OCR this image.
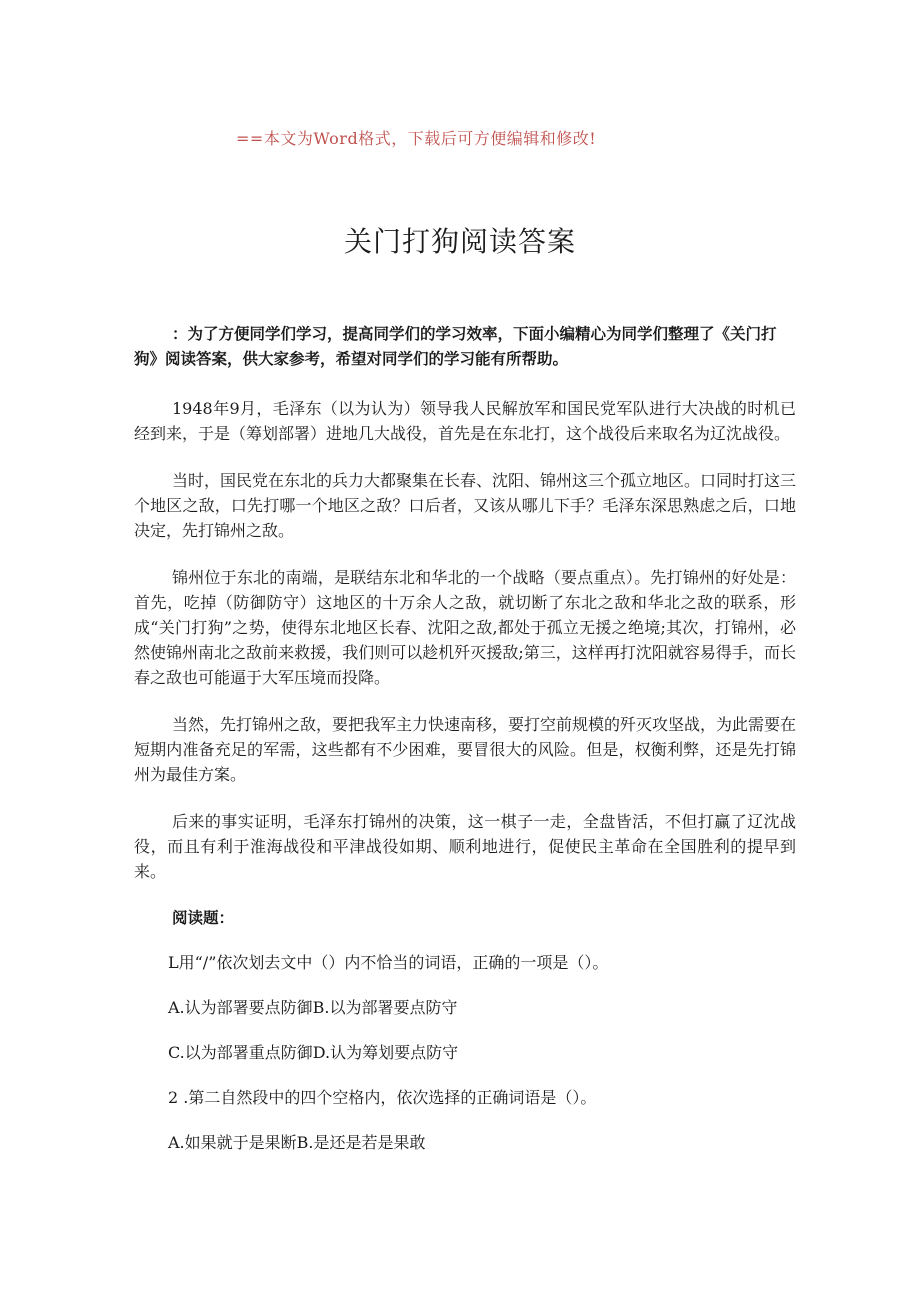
==本文为Word格式，下载后可方便编辑和修改!
关门打狗阅读答案

：为了方便同学们学习，提高同学们的学习效率，下面小编精心为同学们整理了《关门打狗》阅读答案，供大家参考，希望对同学们的学习能有所帮助。

1948年9月，毛泽东（以为认为）领导我人民解放军和国民党军队进行大决战的时机已经到来，于是（筹划部署）进地几大战役，首先是在东北打，这个战役后来取名为辽沈战役。

当时，国民党在东北的兵力大都聚集在长春、沈阳、锦州这三个孤立地区。口同时打这三个地区之敌，口先打哪一个地区之敌？口后者，又该从哪儿下手？毛泽东深思熟虑之后，口地决定，先打锦州之敌。

锦州位于东北的南端，是联结东北和华北的一个战略（要点重点）。先打锦州的好处是：首先，吃掉（防御防守）这地区的十万余人之敌，就切断了东北之敌和华北之敌的联系，形成“关门打狗”之势，使得东北地区长春、沈阳之敌,都处于孤立无援之绝境;其次，打锦州，必然使锦州南北之敌前来救援，我们则可以趁机歼灭援敌;第三，这样再打沈阳就容易得手，而长春之敌也可能逼于大军压境而投降。

当然，先打锦州之敌，要把我军主力快速南移，要打空前规模的歼灭攻坚战，为此需要在短期内准备充足的军需，这些都有不少困难，要冒很大的风险。但是，权衡利弊，还是先打锦州为最佳方案。

后来的事实证明，毛泽东打锦州的决策，这一棋子一走，全盘皆活，不但打赢了辽沈战役，而且有利于淮海战役和平津战役如期、顺利地进行，促使民主革命在全国胜利的提早到来。

阅读题：
L用“/”依次划去文中（）内不恰当的词语，正确的一项是（）。
A.认为部署要点防御B.以为部署要点防守
C.以为部署重点防御D.认为筹划要点防守
2 .第二自然段中的四个空格内，依次选择的正确词语是（）。
A.如果就于是果断B.是还是若是果敢
